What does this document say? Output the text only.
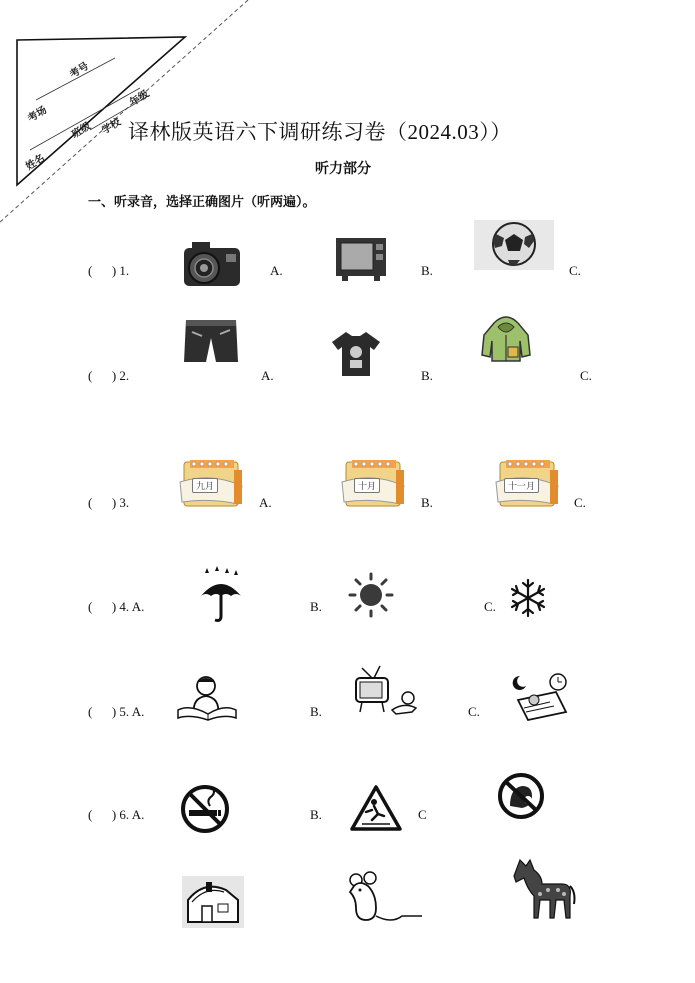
考场
考号
姓名
班级 学校
年级
译林版英语六下调研练习卷（2024.03））
听力部分
一、听录音，选择正确图片（听两遍）。
(      ) 1.	A.	B.	C.
(      ) 2.	A.	B.	C.
(      ) 3.
九月
A.
十月
B.
十一月
C.
(      ) 4. A.	B.	C.
(      ) 5. A.	B.	C.
(      ) 6. A.	B.	C
